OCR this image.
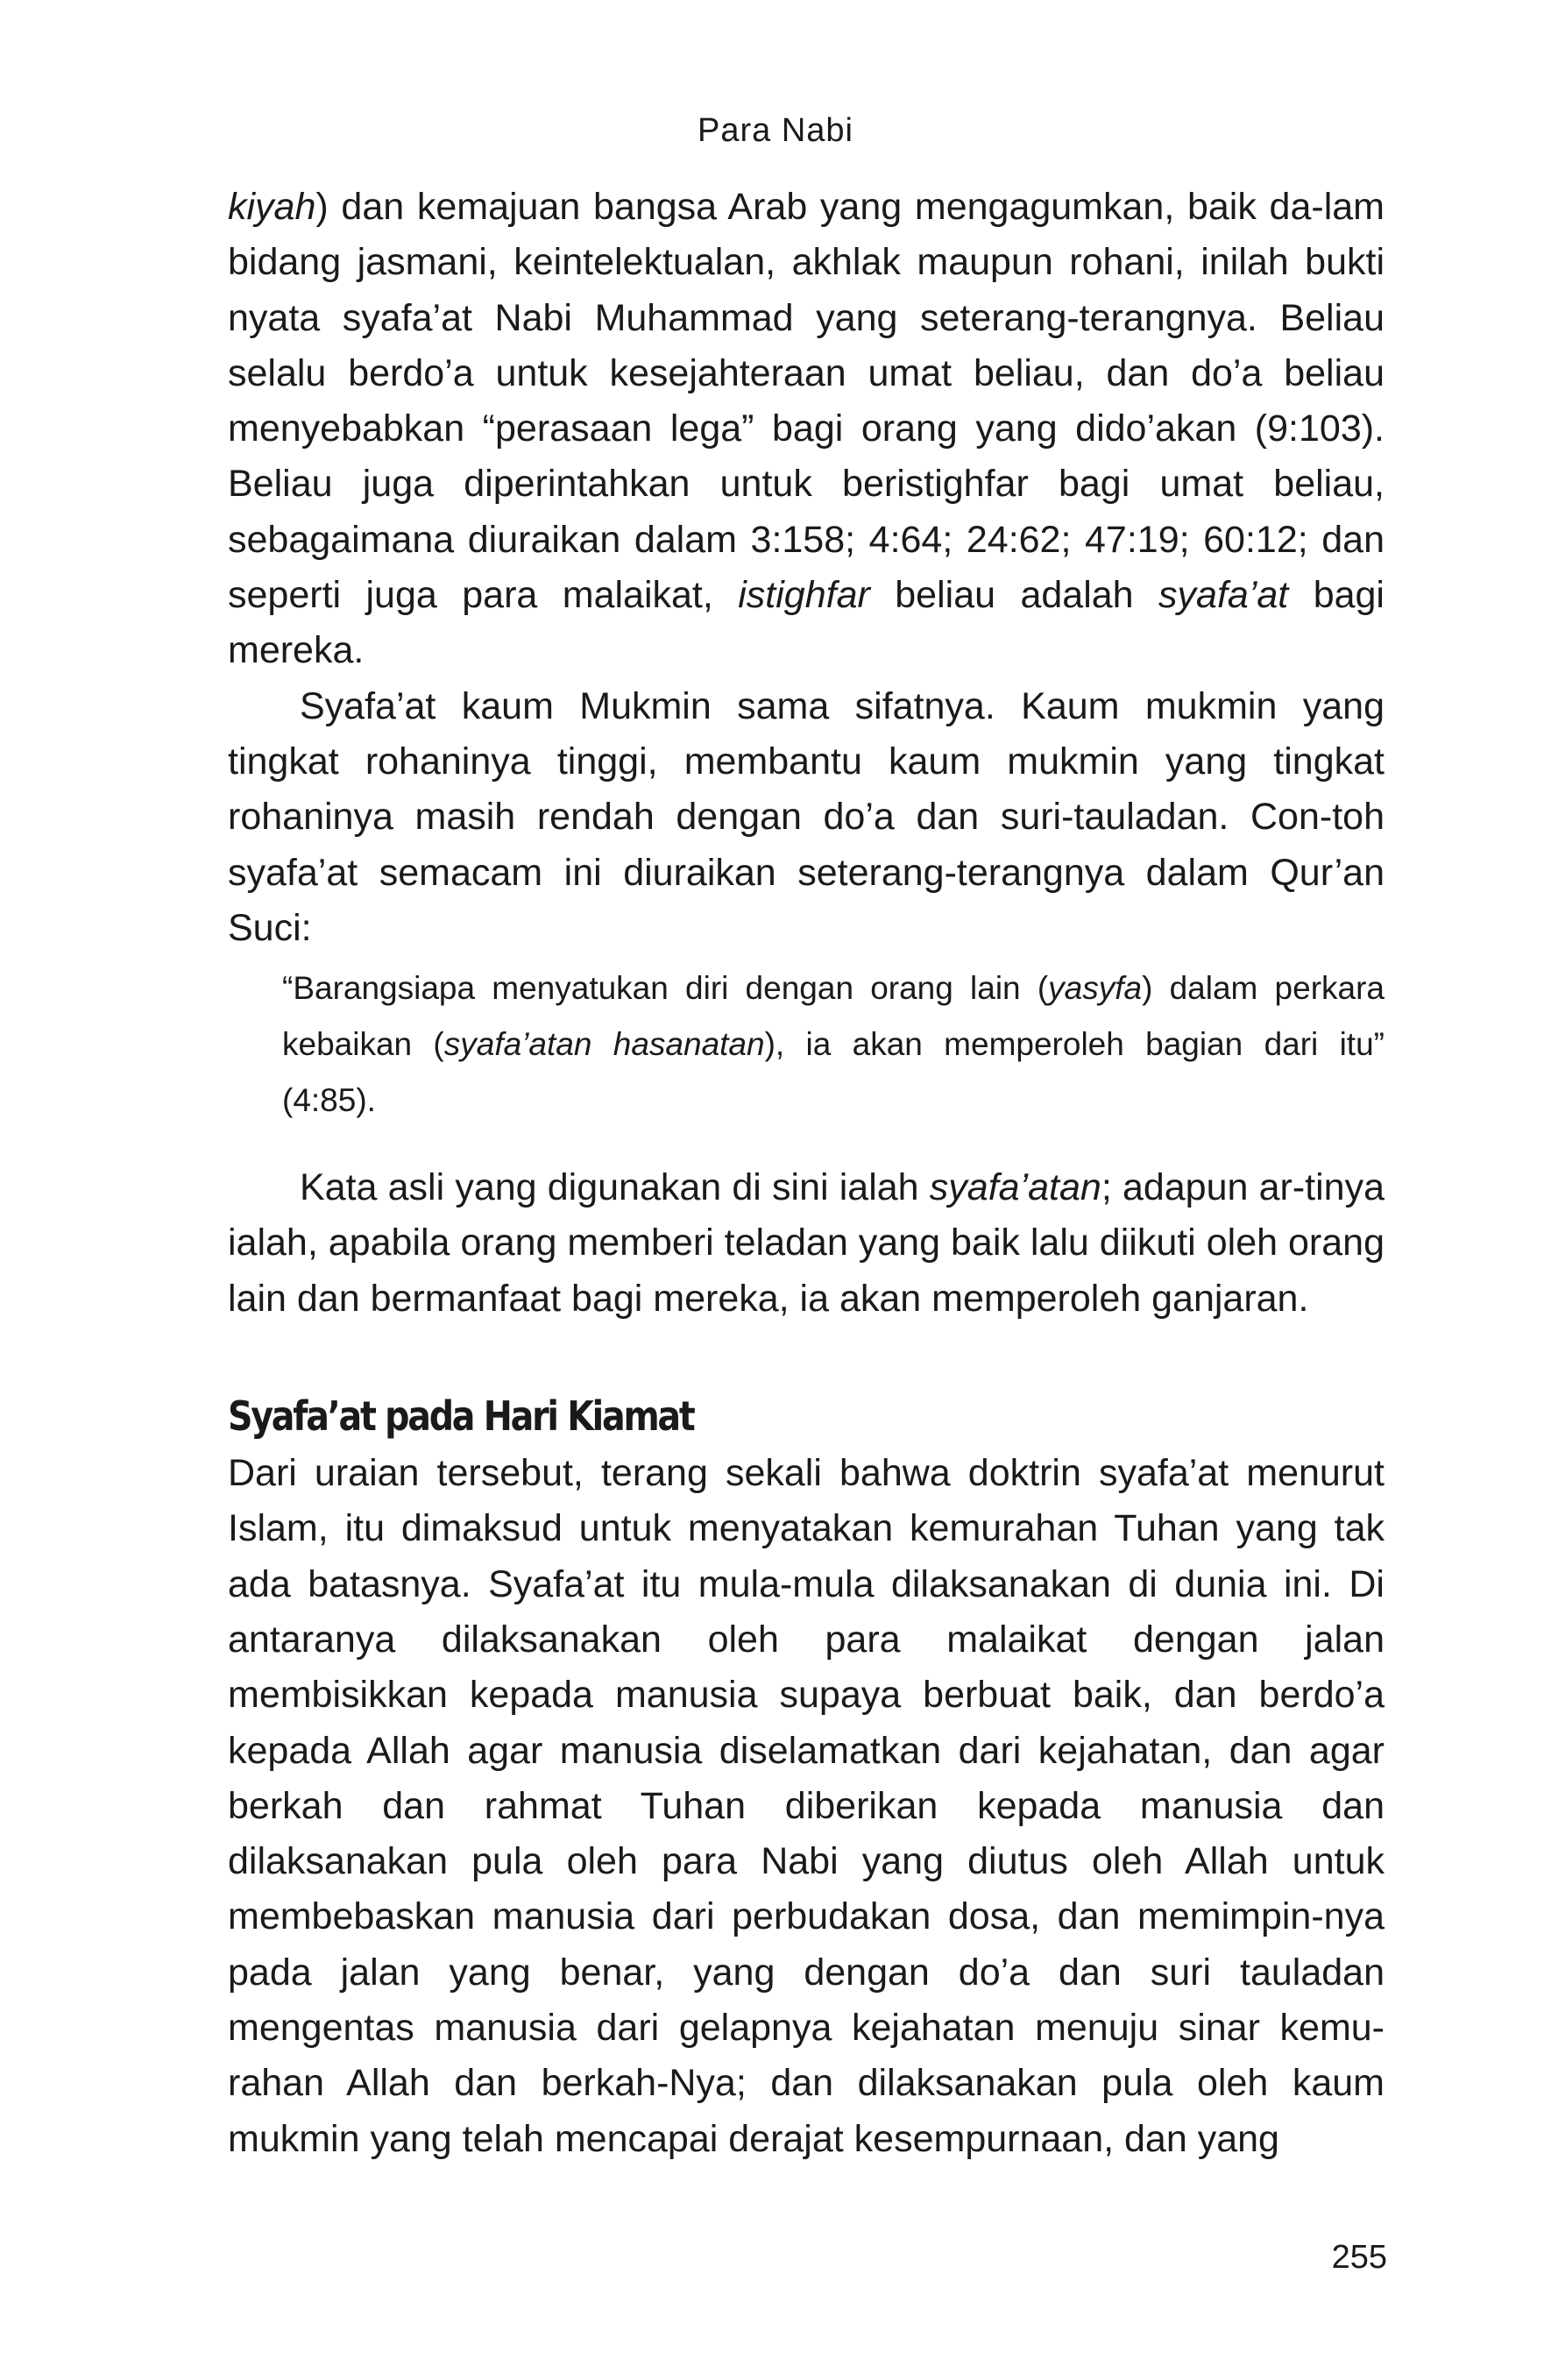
Para Nabi

kiyah) dan kemajuan bangsa Arab yang mengagumkan, baik da-lam bidang jasmani, keintelektualan, akhlak maupun rohani, inilah bukti nyata syafa’at Nabi Muhammad yang seterang-terangnya. Beliau selalu berdo’a untuk kesejahteraan umat beliau, dan do’a beliau menyebabkan “perasaan lega” bagi orang yang dido’akan (9:103). Beliau juga diperintahkan untuk beristighfar bagi umat beliau, sebagaimana diuraikan dalam 3:158; 4:64; 24:62; 47:19; 60:12; dan seperti juga para malaikat, istighfar beliau adalah syafa’at bagi mereka.

Syafa’at kaum Mukmin sama sifatnya. Kaum mukmin yang tingkat rohaninya tinggi, membantu kaum mukmin yang tingkat rohaninya masih rendah dengan do’a dan suri-tauladan. Con-toh syafa’at semacam ini diuraikan seterang-terangnya dalam Qur’an Suci:

“Barangsiapa menyatukan diri dengan orang lain (yasyfa) dalam perkara kebaikan (syafa’atan hasanatan), ia akan memperoleh bagian dari itu” (4:85).

Kata asli yang digunakan di sini ialah syafa’atan; adapun ar-tinya ialah, apabila orang memberi teladan yang baik lalu diikuti oleh orang lain dan bermanfaat bagi mereka, ia akan memperoleh ganjaran.

Syafa’at pada Hari Kiamat

Dari uraian tersebut, terang sekali bahwa doktrin syafa’at menurut Islam, itu dimaksud untuk menyatakan kemurahan Tuhan yang tak ada batasnya. Syafa’at itu mula-mula dilaksanakan di dunia ini. Di antaranya dilaksanakan oleh para malaikat dengan jalan membisikkan kepada manusia supaya berbuat baik, dan berdo’a kepada Allah agar manusia diselamatkan dari kejahatan, dan agar berkah dan rahmat Tuhan diberikan kepada manusia dan dilaksanakan pula oleh para Nabi yang diutus oleh Allah untuk membebaskan manusia dari perbudakan dosa, dan memimpin-nya pada jalan yang benar, yang dengan do’a dan suri tauladan mengentas manusia dari gelapnya kejahatan menuju sinar kemu-rahan Allah dan berkah-Nya; dan dilaksanakan pula oleh kaum mukmin yang telah mencapai derajat kesempurnaan, dan yang

255
